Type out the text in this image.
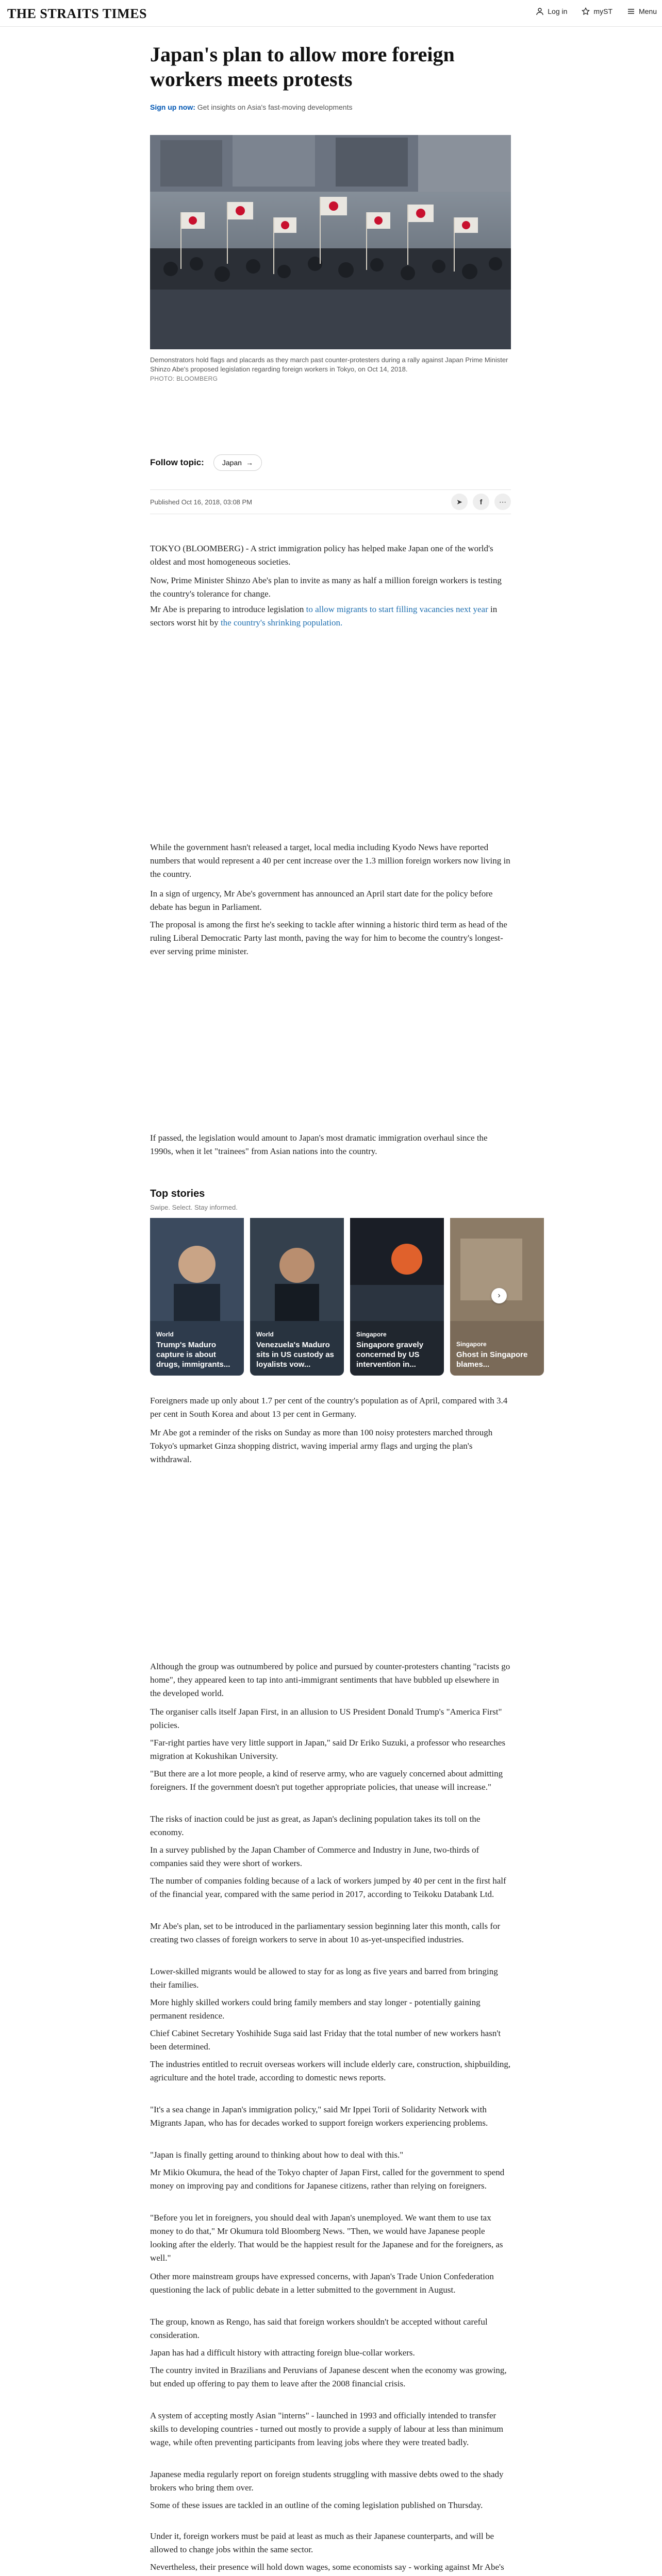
THE STRAITS TIMES	Log in	myST	Menu
Japan's plan to allow more foreign workers meets protests
Sign up now: Get insights on Asia's fast-moving developments

Demonstrators hold flags and placards as they march past counter-protesters during a rally against Japan Prime Minister Shinzo Abe's proposed legislation regarding foreign workers in Tokyo, on Oct 14, 2018.

PHOTO: BLOOMBERG

Follow topic:	Japan →
Published Oct 16, 2018, 03:08 PM	➤ f ⋯

TOKYO (BLOOMBERG) - A strict immigration policy has helped make Japan one of the world's oldest and most homogeneous societies.

Now, Prime Minister Shinzo Abe's plan to invite as many as half a million foreign workers is testing the country's tolerance for change.

Mr Abe is preparing to introduce legislation to allow migrants to start filling vacancies next year in sectors worst hit by the country's shrinking population.

While the government hasn't released a target, local media including Kyodo News have reported numbers that would represent a 40 per cent increase over the 1.3 million foreign workers now living in the country.

In a sign of urgency, Mr Abe's government has announced an April start date for the policy before debate has begun in Parliament.

The proposal is among the first he's seeking to tackle after winning a historic third term as head of the ruling Liberal Democratic Party last month, paving the way for him to become the country's longest-ever serving prime minister.

If passed, the legislation would amount to Japan's most dramatic immigration overhaul since the 1990s, when it let "trainees" from Asian nations into the country.

Top stories
Swipe. Select. Stay informed.
World
Trump's Maduro capture is about drugs, immigrants...
World
Venezuela's Maduro sits in US custody as loyalists vow...
Singapore
Singapore gravely concerned by US intervention in...
Singapore
Ghost in Singapore blames...
›

Foreigners made up only about 1.7 per cent of the country's population as of April, compared with 3.4 per cent in South Korea and about 13 per cent in Germany.

Mr Abe got a reminder of the risks on Sunday as more than 100 noisy protesters marched through Tokyo's upmarket Ginza shopping district, waving imperial army flags and urging the plan's withdrawal.

Although the group was outnumbered by police and pursued by counter-protesters chanting "racists go home", they appeared keen to tap into anti-immigrant sentiments that have bubbled up elsewhere in the developed world.

The organiser calls itself Japan First, in an allusion to US President Donald Trump's "America First" policies.

"Far-right parties have very little support in Japan," said Dr Eriko Suzuki, a professor who researches migration at Kokushikan University.

"But there are a lot more people, a kind of reserve army, who are vaguely concerned about admitting foreigners. If the government doesn't put together appropriate policies, that unease will increase."

The risks of inaction could be just as great, as Japan's declining population takes its toll on the economy.

In a survey published by the Japan Chamber of Commerce and Industry in June, two-thirds of companies said they were short of workers.

The number of companies folding because of a lack of workers jumped by 40 per cent in the first half of the financial year, compared with the same period in 2017, according to Teikoku Databank Ltd.

Mr Abe's plan, set to be introduced in the parliamentary session beginning later this month, calls for creating two classes of foreign workers to serve in about 10 as-yet-unspecified industries.

Lower-skilled migrants would be allowed to stay for as long as five years and barred from bringing their families.

More highly skilled workers could bring family members and stay longer - potentially gaining permanent residence.

Chief Cabinet Secretary Yoshihide Suga said last Friday that the total number of new workers hasn't been determined.

The industries entitled to recruit overseas workers will include elderly care, construction, shipbuilding, agriculture and the hotel trade, according to domestic news reports.

"It's a sea change in Japan's immigration policy," said Mr Ippei Torii of Solidarity Network with Migrants Japan, who has for decades worked to support foreign workers experiencing problems.

"Japan is finally getting around to thinking about how to deal with this."

Mr Mikio Okumura, the head of the Tokyo chapter of Japan First, called for the government to spend money on improving pay and conditions for Japanese citizens, rather than relying on foreigners.

"Before you let in foreigners, you should deal with Japan's unemployed. We want them to use tax money to do that," Mr Okumura told Bloomberg News. "Then, we would have Japanese people looking after the elderly. That would be the happiest result for the Japanese and for the foreigners, as well."

Other more mainstream groups have expressed concerns, with Japan's Trade Union Confederation questioning the lack of public debate in a letter submitted to the government in August.

The group, known as Rengo, has said that foreign workers shouldn't be accepted without careful consideration.

Japan has had a difficult history with attracting foreign blue-collar workers.

The country invited in Brazilians and Peruvians of Japanese descent when the economy was growing, but ended up offering to pay them to leave after the 2008 financial crisis.

A system of accepting mostly Asian "interns" - launched in 1993 and officially intended to transfer skills to developing countries - turned out mostly to provide a supply of labour at less than minimum wage, while often preventing participants from leaving jobs where they were treated badly.

Japanese media regularly report on foreign students struggling with massive debts owed to the shady brokers who bring them over.

Some of these issues are tackled in an outline of the coming legislation published on Thursday.

Under it, foreign workers must be paid at least as much as their Japanese counterparts, and will be allowed to change jobs within the same sector.

Nevertheless, their presence will hold down wages, some economists say - working against Mr Abe's
